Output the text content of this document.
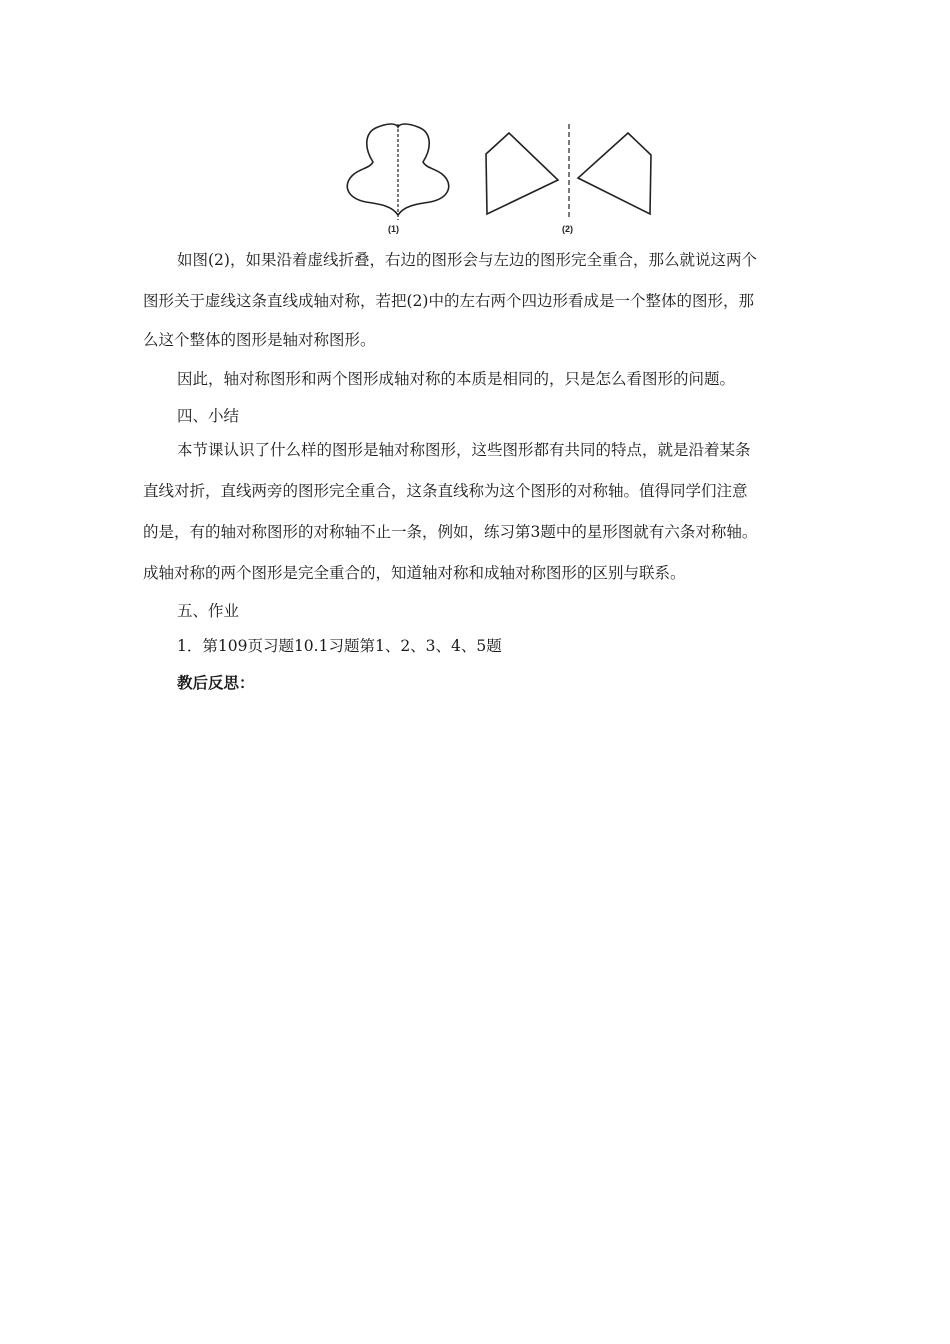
(1)	(2)

如图(2)，如果沿着虚线折叠，右边的图形会与左边的图形完全重合，那么就说这两个

图形关于虚线这条直线成轴对称，若把(2)中的左右两个四边形看成是一个整体的图形，那

么这个整体的图形是轴对称图形。

因此，轴对称图形和两个图形成轴对称的本质是相同的，只是怎么看图形的问题。

四、小结

本节课认识了什么样的图形是轴对称图形，这些图形都有共同的特点，就是沿着某条

直线对折，直线两旁的图形完全重合，这条直线称为这个图形的对称轴。值得同学们注意

的是，有的轴对称图形的对称轴不止一条，例如，练习第3题中的星形图就有六条对称轴。

成轴对称的两个图形是完全重合的，知道轴对称和成轴对称图形的区别与联系。

五、作业

1．第109页习题10.1习题第1、2、3、4、5题

教后反思：
